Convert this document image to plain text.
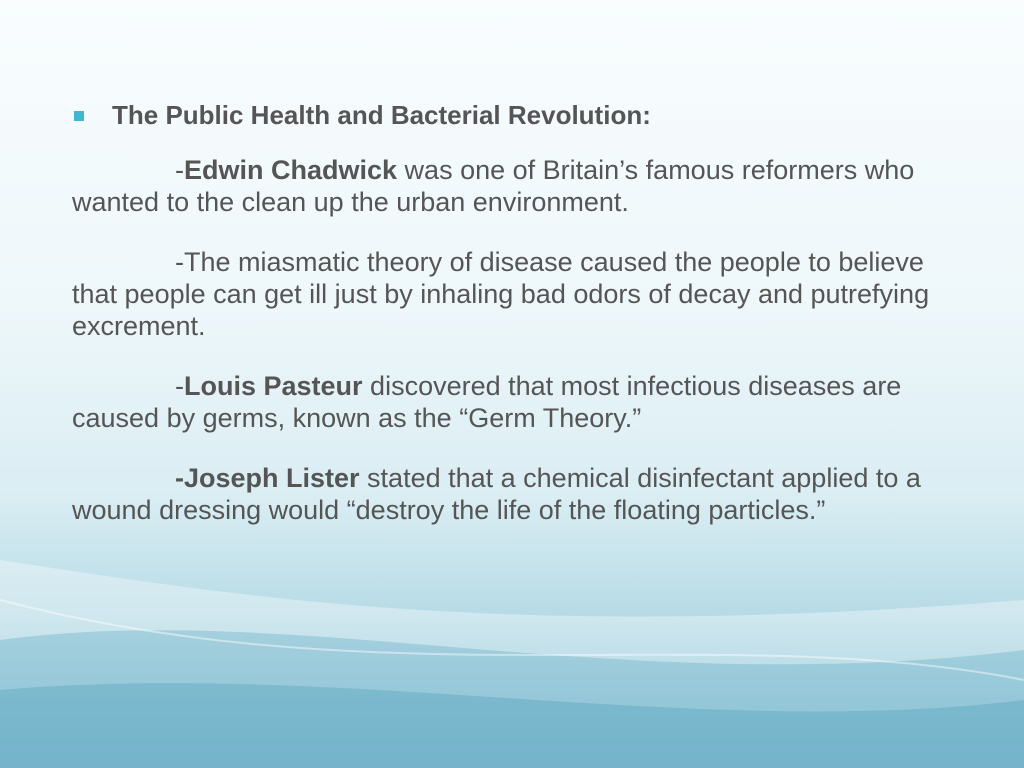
The Public Health and Bacterial Revolution:

-Edwin Chadwick was one of Britain’s famous reformers who wanted to the clean up the urban environment.

-The miasmatic theory of disease caused the people to believe that people can get ill just by inhaling bad odors of decay and putrefying excrement.

-Louis Pasteur discovered that most infectious diseases are caused by germs, known as the “Germ Theory.”

-Joseph Lister stated that a chemical disinfectant applied to a wound dressing would “destroy the life of the floating particles.”
